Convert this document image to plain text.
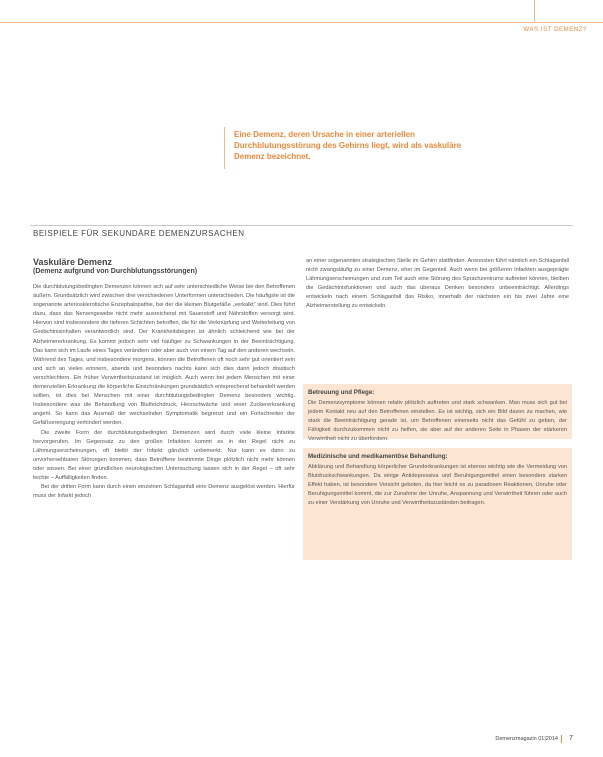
WAS IST DEMENZ?
Eine Demenz, deren Ursache in einer arteriellen Durchblutungsstörung des Gehirns liegt, wird als vaskuläre Demenz bezeichnet.
BEISPIELE FÜR SEKUNDÄRE DEMENZURSACHEN
Vaskuläre Demenz
(Demenz aufgrund von Durchblutungsstörungen)

Die durchblutungsbedingten Demenzen können sich auf sehr unterschiedliche Weise bei den Betroffenen äußern. Grundsätzlich wird zwischen drei verschiedenen Unterformen unterschieden. Die häufigste ist die sogenannte arteriosklerotische Enzephalopathie, bei der die kleinen Blutgefäße „verkalkt“ sind. Dies führt dazu, dass das Nervengewebe nicht mehr ausreichend mit Sauerstoff und Nährstoffen versorgt wird. Hiervon sind insbesondere die tieferen Schichten betroffen, die für die Verknüpfung und Weiterleitung von Gedächtnisinhalten verantwortlich sind. Der Krankheitsbeginn ist ähnlich schleichend wie bei der Alzheimererkrankung. Es kommt jedoch sehr viel häufiger zu Schwankungen in der Beeinträchtigung. Das kann sich im Laufe eines Tages verändern oder aber auch von einem Tag auf den anderen wechseln. Während des Tages, und insbesondere morgens, können die Betroffenen oft noch sehr gut orientiert sein und sich an vieles erinnern, abends und besonders nachts kann sich dies dann jedoch drastisch verschlechtern. Ein früher Verwirrtheitszustand ist möglich. Auch wenn bei jedem Menschen mit einer demenziellen Erkrankung die körperliche Einschränkungen grundsätzlich entsprechend behandelt werden sollten, ist dies bei Menschen mit einer durchblutungsbedingten Demenz besonders wichtig. Insbesondere was die Behandlung von Bluthochdruck, Herzschwäche und einer Zuckererkrankung angeht. So kann das Ausmaß der wechselnden Symptomatik begrenzt und ein Fortschreiten der Gefäßverengung verhindert werden.

Die zweite Form der durchblutungsbedingten Demenzen wird durch viele kleine Infarkte hervorgerufen. Im Gegensatz zu den großen Infarkten kommt es in der Regel nicht zu Lähmungserscheinungen, oft bleibt der Infarkt gänzlich unbemerkt. Nur kann es dann zu unvorhersehbaren Störungen kommen, dass Betroffene bestimmte Dinge plötzlich nicht mehr können oder wissen. Bei einer gründlichen neurologischen Untersuchung lassen sich in der Regel – oft sehr leichte – Auffälligkeiten finden.

Bei der dritten Form kann durch einen einzelnen Schlaganfall eine Demenz ausgelöst werden. Hierfür muss der Infarkt jedoch

an einer sogenannten strategischen Stelle im Gehirn stattfinden. Ansonsten führt nämlich ein Schlaganfall nicht zwangsläufig zu einer Demenz, eher im Gegenteil. Auch wenn bei größeren Infarkten ausgeprägte Lähmungserscheinungen und zum Teil auch eine Störung des Sprachzentrums auftreten können, bleiben die Gedächtnisfunktionen und auch das überaus Denken besonders unbeeinträchtigt. Allerdings entwickeln nach einem Schlaganfall das Risiko, innerhalb der nächsten ein bis zwei Jahre eine Alzheimerstellung zu entwickeln.

Betreuung und Pflege:
Die Demenzsymptome können relativ plötzlich auftreten und stark schwanken. Man muss sich gut bei jedem Kontakt neu auf den Betroffenen einstellen. Es ist wichtig, sich ein Bild davon zu machen, wie stark die Beeinträchtigung gerade ist, um Betroffenen einerseits nicht das Gefühl zu geben, der Fähigkeit durchzukommen nicht zu helfen, sie aber auf der anderen Seite in Phasen der stärkeren Verwirrtheit nicht zu überfordern.
Medizinische und medikamentöse Behandlung:
Abklärung und Behandlung körperlicher Grunderkrankungen ist ebenso wichtig wie die Vermeidung von Blutdruckschwankungen. Da einige Antidepressiva und Beruhigungsmittel einen besonders starken Effekt haben, ist besondere Vorsicht geboten, da hier leicht es zu paradoxen Reaktionen, Unruhe oder Beruhigungsmittel kommt, die zur Zunahme der Unruhe, Anspannung und Verwirrtheit führen oder auch zu einer Verstärkung von Unruhe und Verwirrtheitszuständen beitragen.
Demenzmagazin 01|2014 7
